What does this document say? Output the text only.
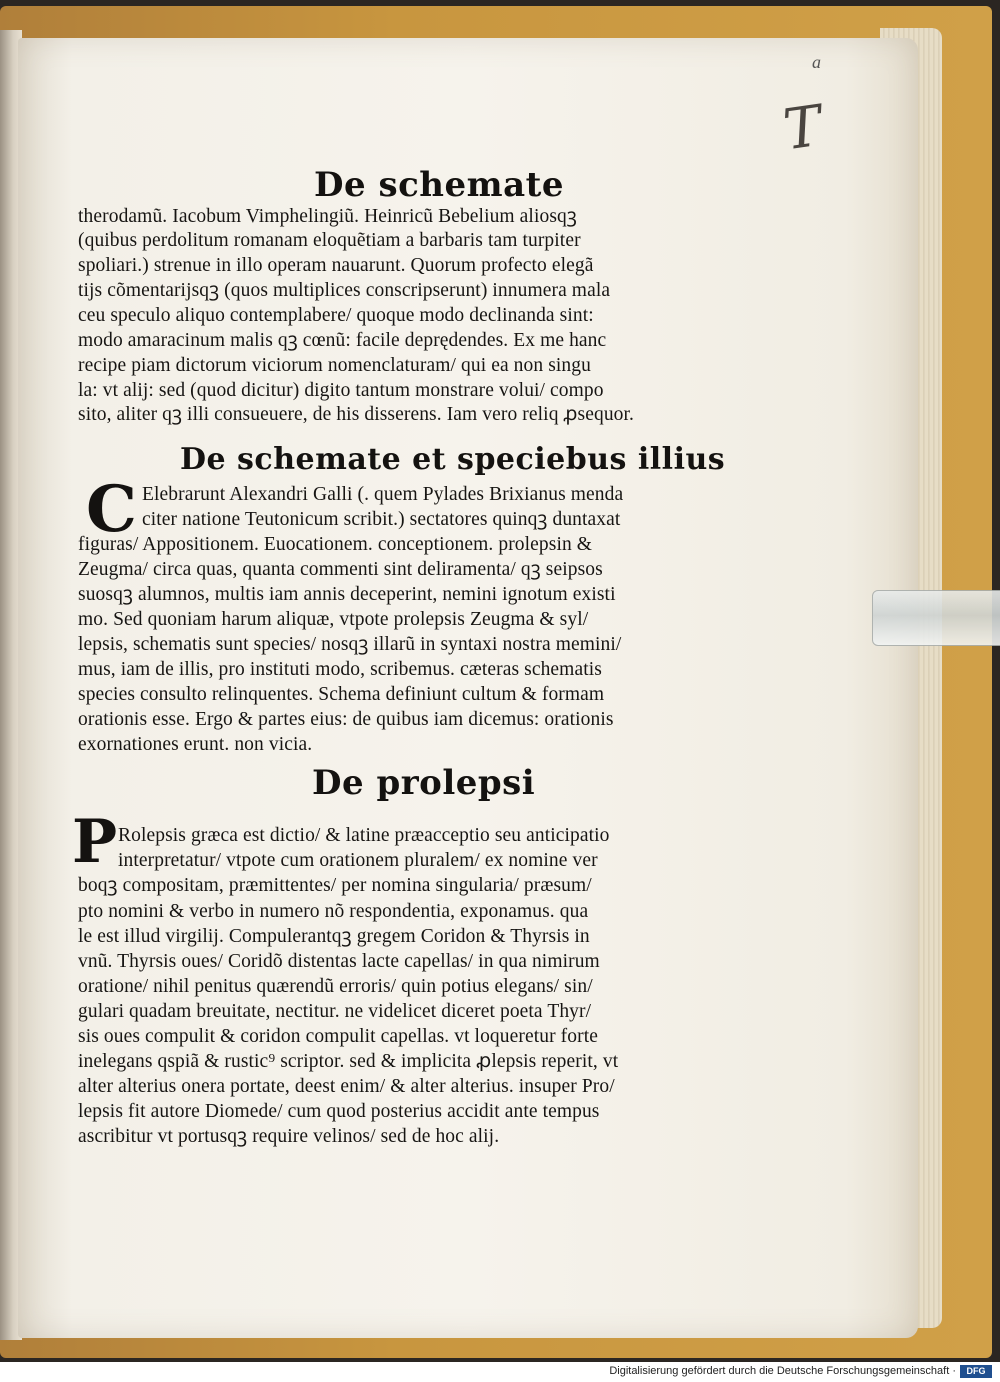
a
T
De schemate
therodamũ. Iacobum Vimphelingiũ. Heinricũ Bebelium aliosqꝫ
(quibus perdolitum romanam eloquẽtiam a barbaris tam turpiter
spoliari.) strenue in illo operam nauarunt. Quorum profecto elegã
tijs cõmentarijsqꝫ (quos multiplices conscripserunt) innumera mala
ceu speculo aliquo contemplabere/ quoque modo declinanda sint:
modo amaracinum malis qꝫ cœnũ: facile deprędendes. Ex me hanc
recipe piam dictorum viciorum nomenclaturam/ qui ea non singu
la: vt alij: sed (quod dicitur) digito tantum monstrare volui/ compo
sito, aliter qꝫ illi consueuere, de his disserens. Iam vero reliq ꝓsequor.
De schemate et speciebus illius
C Elebrarunt Alexandri Galli (. quem Pylades Brixianus menda
citer natione Teutonicum scribit.) sectatores quinqꝫ duntaxat
figuras/ Appositionem. Euocationem. conceptionem. prolepsin &
Zeugma/ circa quas, quanta commenti sint deliramenta/ qꝫ seipsos
suosqꝫ alumnos, multis iam annis deceperint, nemini ignotum existi
mo. Sed quoniam harum aliquæ, vtpote prolepsis Zeugma & syl/
lepsis, schematis sunt species/ nosqꝫ illarũ in syntaxi nostra memini/
mus, iam de illis, pro instituti modo, scribemus. cæteras schematis
species consulto relinquentes. Schema definiunt cultum & formam
orationis esse. Ergo & partes eius: de quibus iam dicemus: orationis
exornationes erunt. non vicia.
De prolepsi
P Rolepsis græca est dictio/ & latine præacceptio seu anticipatio
interpretatur/ vtpote cum orationem pluralem/ ex nomine ver
boqꝫ compositam, præmittentes/ per nomina singularia/ præsum/
pto nomini & verbo in numero nõ respondentia, exponamus. qua
le est illud virgilij. Compulerantqꝫ gregem Coridon & Thyrsis in
vnũ. Thyrsis oues/ Coridõ distentas lacte capellas/ in qua nimirum
oratione/ nihil penitus quærendũ erroris/ quin potius elegans/ sin/
gulari quadam breuitate, nectitur. ne videlicet diceret poeta Thyr/
sis oues compulit & coridon compulit capellas. vt loqueretur forte
inelegans qspiã & rustic⁹ scriptor. sed & implicita ꝓlepsis reperit, vt
alter alterius onera portate, deest enim/ & alter alterius. insuper Pro/
lepsis fit autore Diomede/ cum quod posterius accidit ante tempus
ascribitur vt portusqꝫ require velinos/ sed de hoc alij.
Digitalisierung gefördert durch die Deutsche Forschungsgemeinschaft ·	DFG
